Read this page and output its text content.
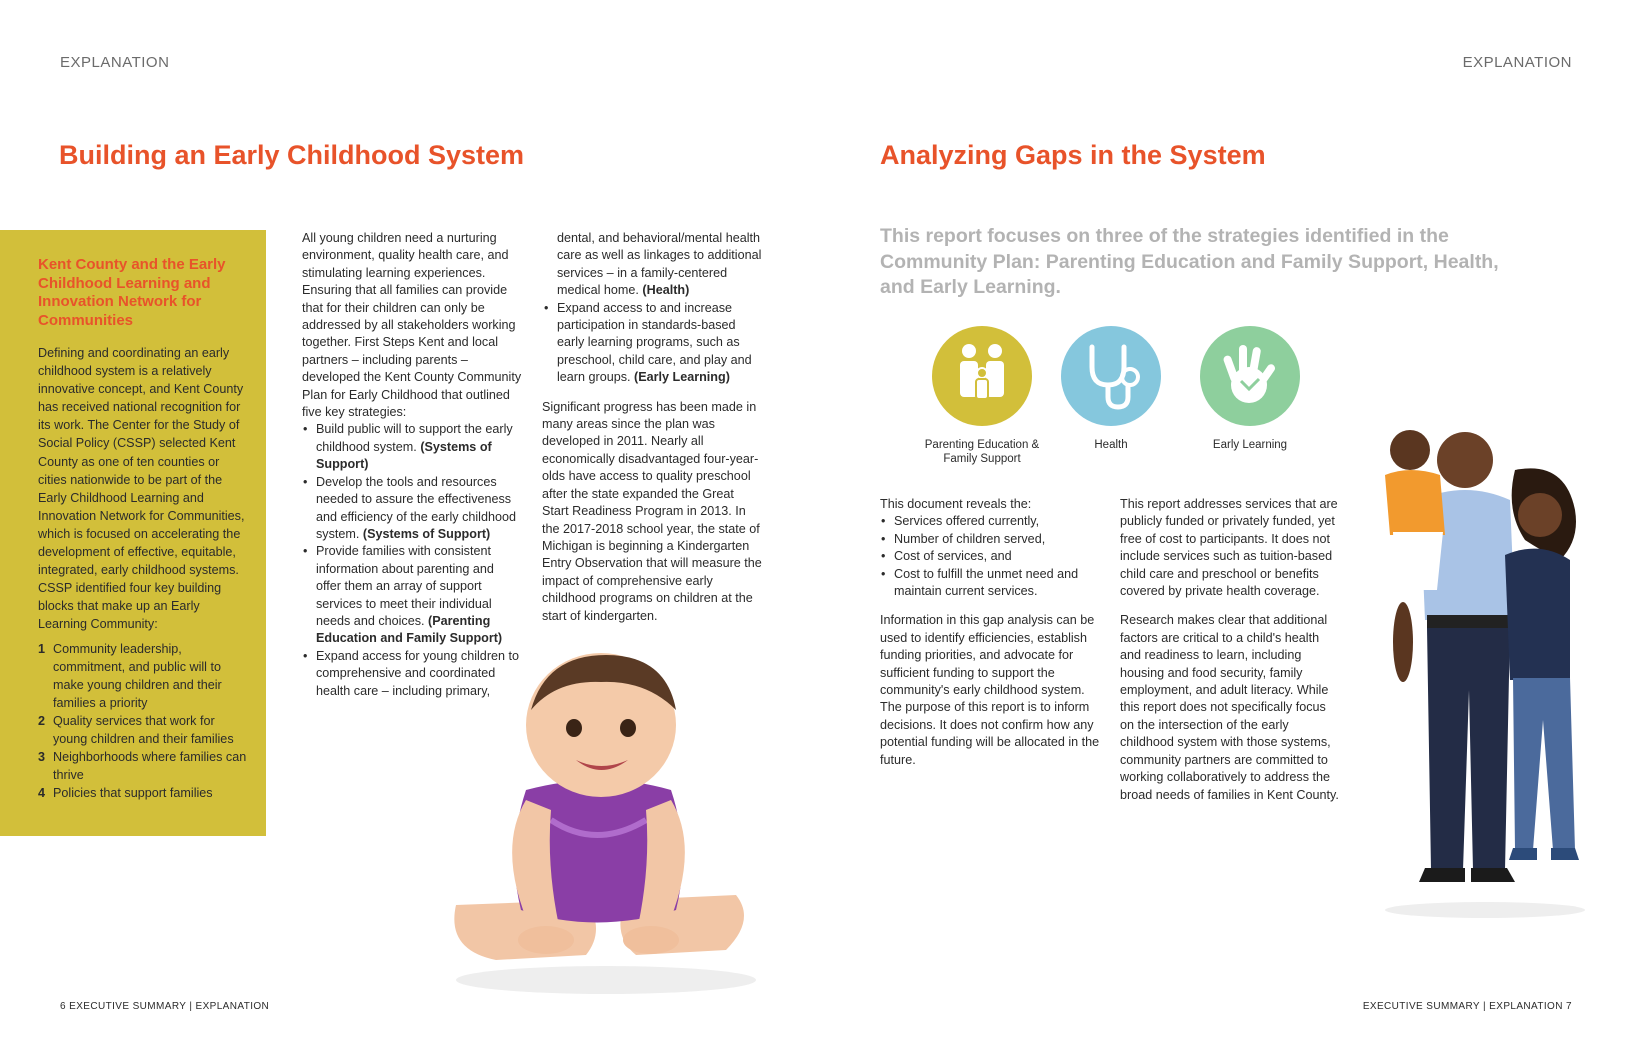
EXPLANATION
Building an Early Childhood System
Kent County and the Early Childhood Learning and Innovation Network for Communities

Defining and coordinating an early childhood system is a relatively innovative concept, and Kent County has received national recognition for its work. The Center for the Study of Social Policy (CSSP) selected Kent County as one of ten counties or cities nationwide to be part of the Early Childhood Learning and Innovation Network for Communities, which is focused on accelerating the development of effective, equitable, integrated, early childhood systems. CSSP identified four key building blocks that make up an Early Learning Community:

1 Community leadership, commitment, and public will to make young children and their families a priority
2 Quality services that work for young children and their families
3 Neighborhoods where families can thrive
4 Policies that support families
All young children need a nurturing environment, quality health care, and stimulating learning experiences. Ensuring that all families can provide that for their children can only be addressed by all stakeholders working together. First Steps Kent and local partners – including parents – developed the Kent County Community Plan for Early Childhood that outlined five key strategies:
• Build public will to support the early childhood system. (Systems of Support)
• Develop the tools and resources needed to assure the effectiveness and efficiency of the early childhood system. (Systems of Support)
• Provide families with consistent information about parenting and offer them an array of support services to meet their individual needs and choices. (Parenting Education and Family Support)
• Expand access for young children to comprehensive and coordinated health care – including primary,
dental, and behavioral/mental health care as well as linkages to additional services – in a family-centered medical home. (Health)
• Expand access to and increase participation in standards-based early learning programs, such as preschool, child care, and play and learn groups. (Early Learning)
Significant progress has been made in many areas since the plan was developed in 2011. Nearly all economically disadvantaged four-year-olds have access to quality preschool after the state expanded the Great Start Readiness Program in 2013. In the 2017-2018 school year, the state of Michigan is beginning a Kindergarten Entry Observation that will measure the impact of comprehensive early childhood programs on children at the start of kindergarten.
6 EXECUTIVE SUMMARY | EXPLANATION
EXPLANATION
Analyzing Gaps in the System
This report focuses on three of the strategies identified in the Community Plan: Parenting Education and Family Support, Health, and Early Learning.
Parenting Education & Family Support
Health	Early Learning
This document reveals the:
• Services offered currently,
• Number of children served,
• Cost of services, and
• Cost to fulfill the unmet need and maintain current services.
Information in this gap analysis can be used to identify efficiencies, establish funding priorities, and advocate for sufficient funding to support the community's early childhood system. The purpose of this report is to inform decisions. It does not confirm how any potential funding will be allocated in the future.

This report addresses services that are publicly funded or privately funded, yet free of cost to participants. It does not include services such as tuition-based child care and preschool or benefits covered by private health coverage.

Research makes clear that additional factors are critical to a child's health and readiness to learn, including housing and food security, family employment, and adult literacy. While this report does not specifically focus on the intersection of the early childhood system with those systems, community partners are committed to working collaboratively to address the broad needs of families in Kent County.

EXECUTIVE SUMMARY | EXPLANATION 7
